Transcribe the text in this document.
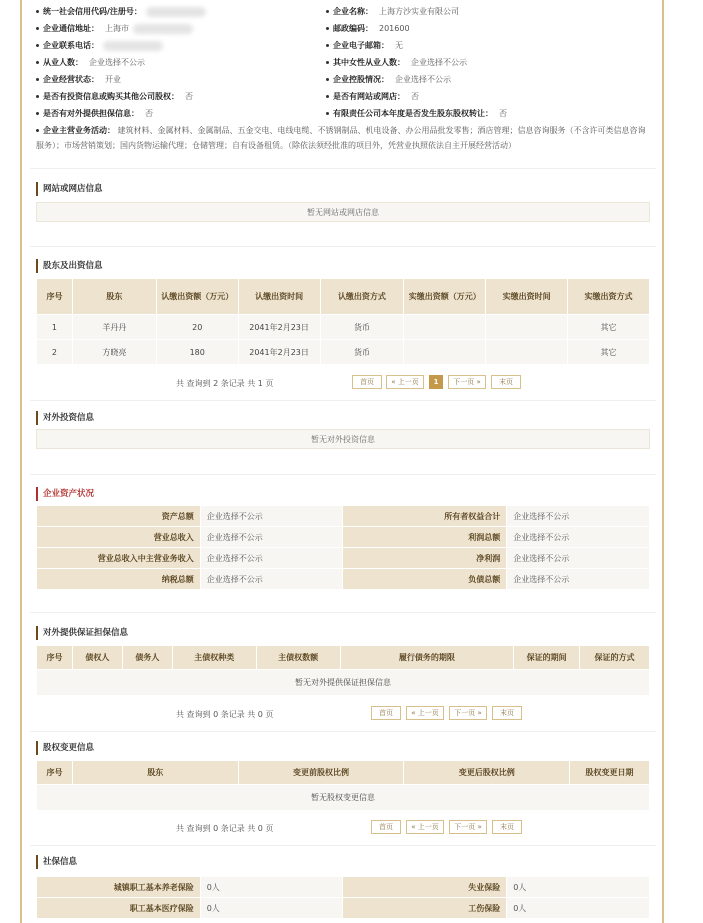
统一社会信用代码/注册号：	企业名称： 上海方沙实业有限公司
企业通信地址： 上海市	邮政编码： 201600
企业联系电话：	企业电子邮箱： 无
从业人数： 企业选择不公示	其中女性从业人数： 企业选择不公示
企业经营状态： 开业	企业控股情况： 企业选择不公示
是否有投资信息或购买其他公司股权： 否	是否有网站或网店： 否
是否有对外提供担保信息： 否	有限责任公司本年度是否发生股东股权转让： 否
企业主营业务活动： 建筑材料、金属材料、金属制品、五金交电、电线电缆、不锈钢制品、机电设备、办公用品批发零售；酒店管理；信息咨询服务（不含许可类信息咨询服务）；市场营销策划；国内货物运输代理；仓储管理；自有设备租赁。（除依法须经批准的项目外，凭营业执照依法自主开展经营活动）
网站或网店信息
暂无网站或网店信息
股东及出资信息
序号	股东	认缴出资额（万元）	认缴出资时间	认缴出资方式	实缴出资额（万元）	实缴出资时间	实缴出资方式
1	羊丹丹	20	2041年2月23日	货币			其它
2	方晓亮	180	2041年2月23日	货币			其它
共 查询到 2 条记录 共 1 页	首页	« 上一页	1	下一页 »	末页
对外投资信息
暂无对外投资信息
企业资产状况
资产总额	企业选择不公示	所有者权益合计	企业选择不公示
营业总收入	企业选择不公示	利润总额	企业选择不公示
营业总收入中主营业务收入	企业选择不公示	净利润	企业选择不公示
纳税总额	企业选择不公示	负债总额	企业选择不公示
对外提供保证担保信息
序号	债权人	债务人	主债权种类	主债权数额	履行债务的期限	保证的期间	保证的方式
暂无对外提供保证担保信息
共 查询到 0 条记录 共 0 页	首页	« 上一页	下一页 »	末页
股权变更信息
序号	股东	变更前股权比例	变更后股权比例	股权变更日期
暂无股权变更信息
共 查询到 0 条记录 共 0 页	首页	« 上一页	下一页 »	末页
社保信息
城镇职工基本养老保险	0人	失业保险	0人
职工基本医疗保险	0人	工伤保险	0人
